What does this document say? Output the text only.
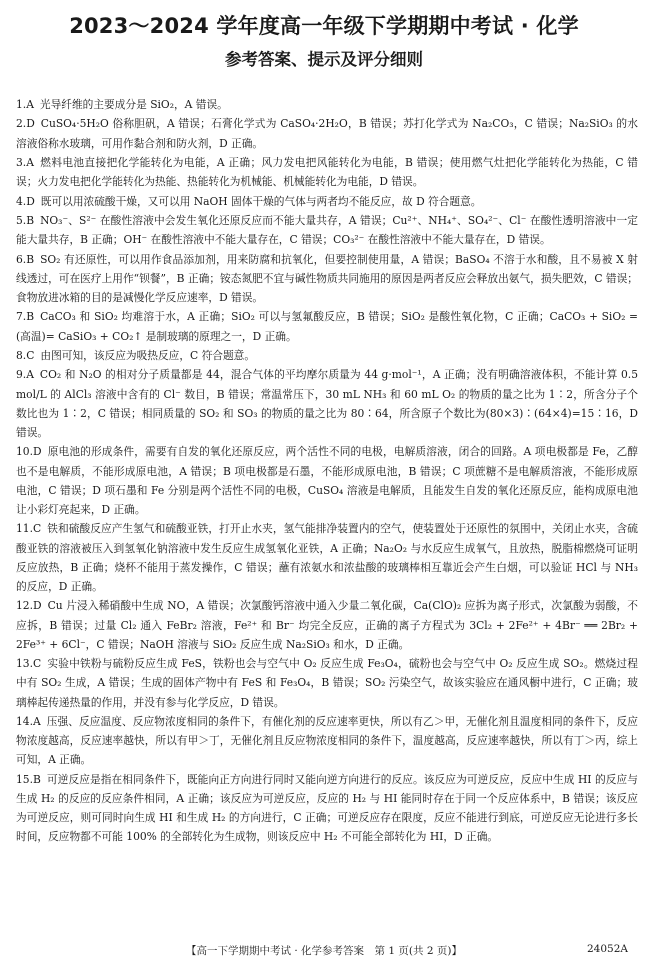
2023～2024 学年度高一年级下学期期中考试 · 化学
参考答案、提示及评分细则

1.A 光导纤维的主要成分是 SiO₂，A 错误。

2.D CuSO₄·5H₂O 俗称胆矾，A 错误；石膏化学式为 CaSO₄·2H₂O，B 错误；苏打化学式为 Na₂CO₃，C 错误；Na₂SiO₃ 的水溶液俗称水玻璃，可用作黏合剂和防火剂，D 正确。

3.A 燃料电池直接把化学能转化为电能，A 正确；风力发电把风能转化为电能，B 错误；使用燃气灶把化学能转化为热能，C 错误；火力发电把化学能转化为热能、热能转化为机械能、机械能转化为电能，D 错误。

4.D 既可以用浓硫酸干燥，又可以用 NaOH 固体干燥的气体与两者均不能反应，故 D 符合题意。

5.B NO₃⁻、S²⁻ 在酸性溶液中会发生氧化还原反应而不能大量共存，A 错误；Cu²⁺、NH₄⁺、SO₄²⁻、Cl⁻ 在酸性透明溶液中一定能大量共存，B 正确；OH⁻ 在酸性溶液中不能大量存在，C 错误；CO₃²⁻ 在酸性溶液中不能大量存在，D 错误。

6.B SO₂ 有还原性，可以用作食品添加剂，用来防腐和抗氧化，但要控制使用量，A 错误；BaSO₄ 不溶于水和酸，且不易被 X 射线透过，可在医疗上用作“钡餐”，B 正确；铵态氮肥不宜与碱性物质共同施用的原因是两者反应会释放出氨气，损失肥效，C 错误；食物放进冰箱的目的是减慢化学反应速率，D 错误。

7.B CaCO₃ 和 SiO₂ 均难溶于水，A 正确；SiO₂ 可以与氢氟酸反应，B 错误；SiO₂ 是酸性氧化物，C 正确；CaCO₃ + SiO₂ =(高温)= CaSiO₃ + CO₂↑ 是制玻璃的原理之一，D 正确。

8.C 由图可知，该反应为吸热反应，C 符合题意。

9.A CO₂ 和 N₂O 的相对分子质量都是 44，混合气体的平均摩尔质量为 44 g·mol⁻¹，A 正确；没有明确溶液体积，不能计算 0.5 mol/L 的 AlCl₃ 溶液中含有的 Cl⁻ 数目，B 错误；常温常压下，30 mL NH₃ 和 60 mL O₂ 的物质的量之比为 1∶2，所含分子个数比也为 1∶2，C 错误；相同质量的 SO₂ 和 SO₃ 的物质的量之比为 80∶64，所含原子个数比为(80×3)∶(64×4)=15∶16，D 错误。

10.D 原电池的形成条件，需要有自发的氧化还原反应，两个活性不同的电极，电解质溶液，闭合的回路。A 项电极都是 Fe，乙醇也不是电解质，不能形成原电池，A 错误；B 项电极都是石墨，不能形成原电池，B 错误；C 项蔗糖不是电解质溶液，不能形成原电池，C 错误；D 项石墨和 Fe 分别是两个活性不同的电极，CuSO₄ 溶液是电解质，且能发生自发的氧化还原反应，能构成原电池让小彩灯亮起来，D 正确。

11.C 铁和硫酸反应产生氢气和硫酸亚铁，打开止水夹，氢气能排净装置内的空气，使装置处于还原性的氛围中，关闭止水夹，含硫酸亚铁的溶液被压入到氢氧化钠溶液中发生反应生成氢氧化亚铁，A 正确；Na₂O₂ 与水反应生成氧气，且放热，脱脂棉燃烧可证明反应放热，B 正确；烧杯不能用于蒸发操作，C 错误；蘸有浓氨水和浓盐酸的玻璃棒相互靠近会产生白烟，可以验证 HCl 与 NH₃ 的反应，D 正确。

12.D Cu 片浸入稀硝酸中生成 NO，A 错误；次氯酸钙溶液中通入少量二氧化碳，Ca(ClO)₂ 应拆为离子形式，次氯酸为弱酸，不应拆，B 错误；过量 Cl₂ 通入 FeBr₂ 溶液，Fe²⁺ 和 Br⁻ 均完全反应，正确的离子方程式为 3Cl₂ + 2Fe²⁺ + 4Br⁻ ══ 2Br₂ + 2Fe³⁺ + 6Cl⁻，C 错误；NaOH 溶液与 SiO₂ 反应生成 Na₂SiO₃ 和水，D 正确。

13.C 实验中铁粉与硫粉反应生成 FeS，铁粉也会与空气中 O₂ 反应生成 Fe₃O₄，硫粉也会与空气中 O₂ 反应生成 SO₂。燃烧过程中有 SO₂ 生成，A 错误；生成的固体产物中有 FeS 和 Fe₃O₄，B 错误；SO₂ 污染空气，故该实验应在通风橱中进行，C 正确；玻璃棒起传递热量的作用，并没有参与化学反应，D 错误。

14.A 压强、反应温度、反应物浓度相同的条件下，有催化剂的反应速率更快，所以有乙＞甲，无催化剂且温度相同的条件下，反应物浓度越高，反应速率越快，所以有甲＞丁，无催化剂且反应物浓度相同的条件下，温度越高，反应速率越快，所以有丁＞丙，综上可知，A 正确。

15.B 可逆反应是指在相同条件下，既能向正方向进行同时又能向逆方向进行的反应。该反应为可逆反应，反应中生成 HI 的反应与生成 H₂ 的反应的反应条件相同，A 正确；该反应为可逆反应，反应的 H₂ 与 HI 能同时存在于同一个反应体系中，B 错误；该反应为可逆反应，则可同时向生成 HI 和生成 H₂ 的方向进行，C 正确；可逆反应存在限度，反应不能进行到底，可逆反应无论进行多长时间，反应物都不可能 100% 的全部转化为生成物，则该反应中 H₂ 不可能全部转化为 HI，D 正确。

【高一下学期期中考试 · 化学参考答案　第 1 页(共 2 页)】	24052A
